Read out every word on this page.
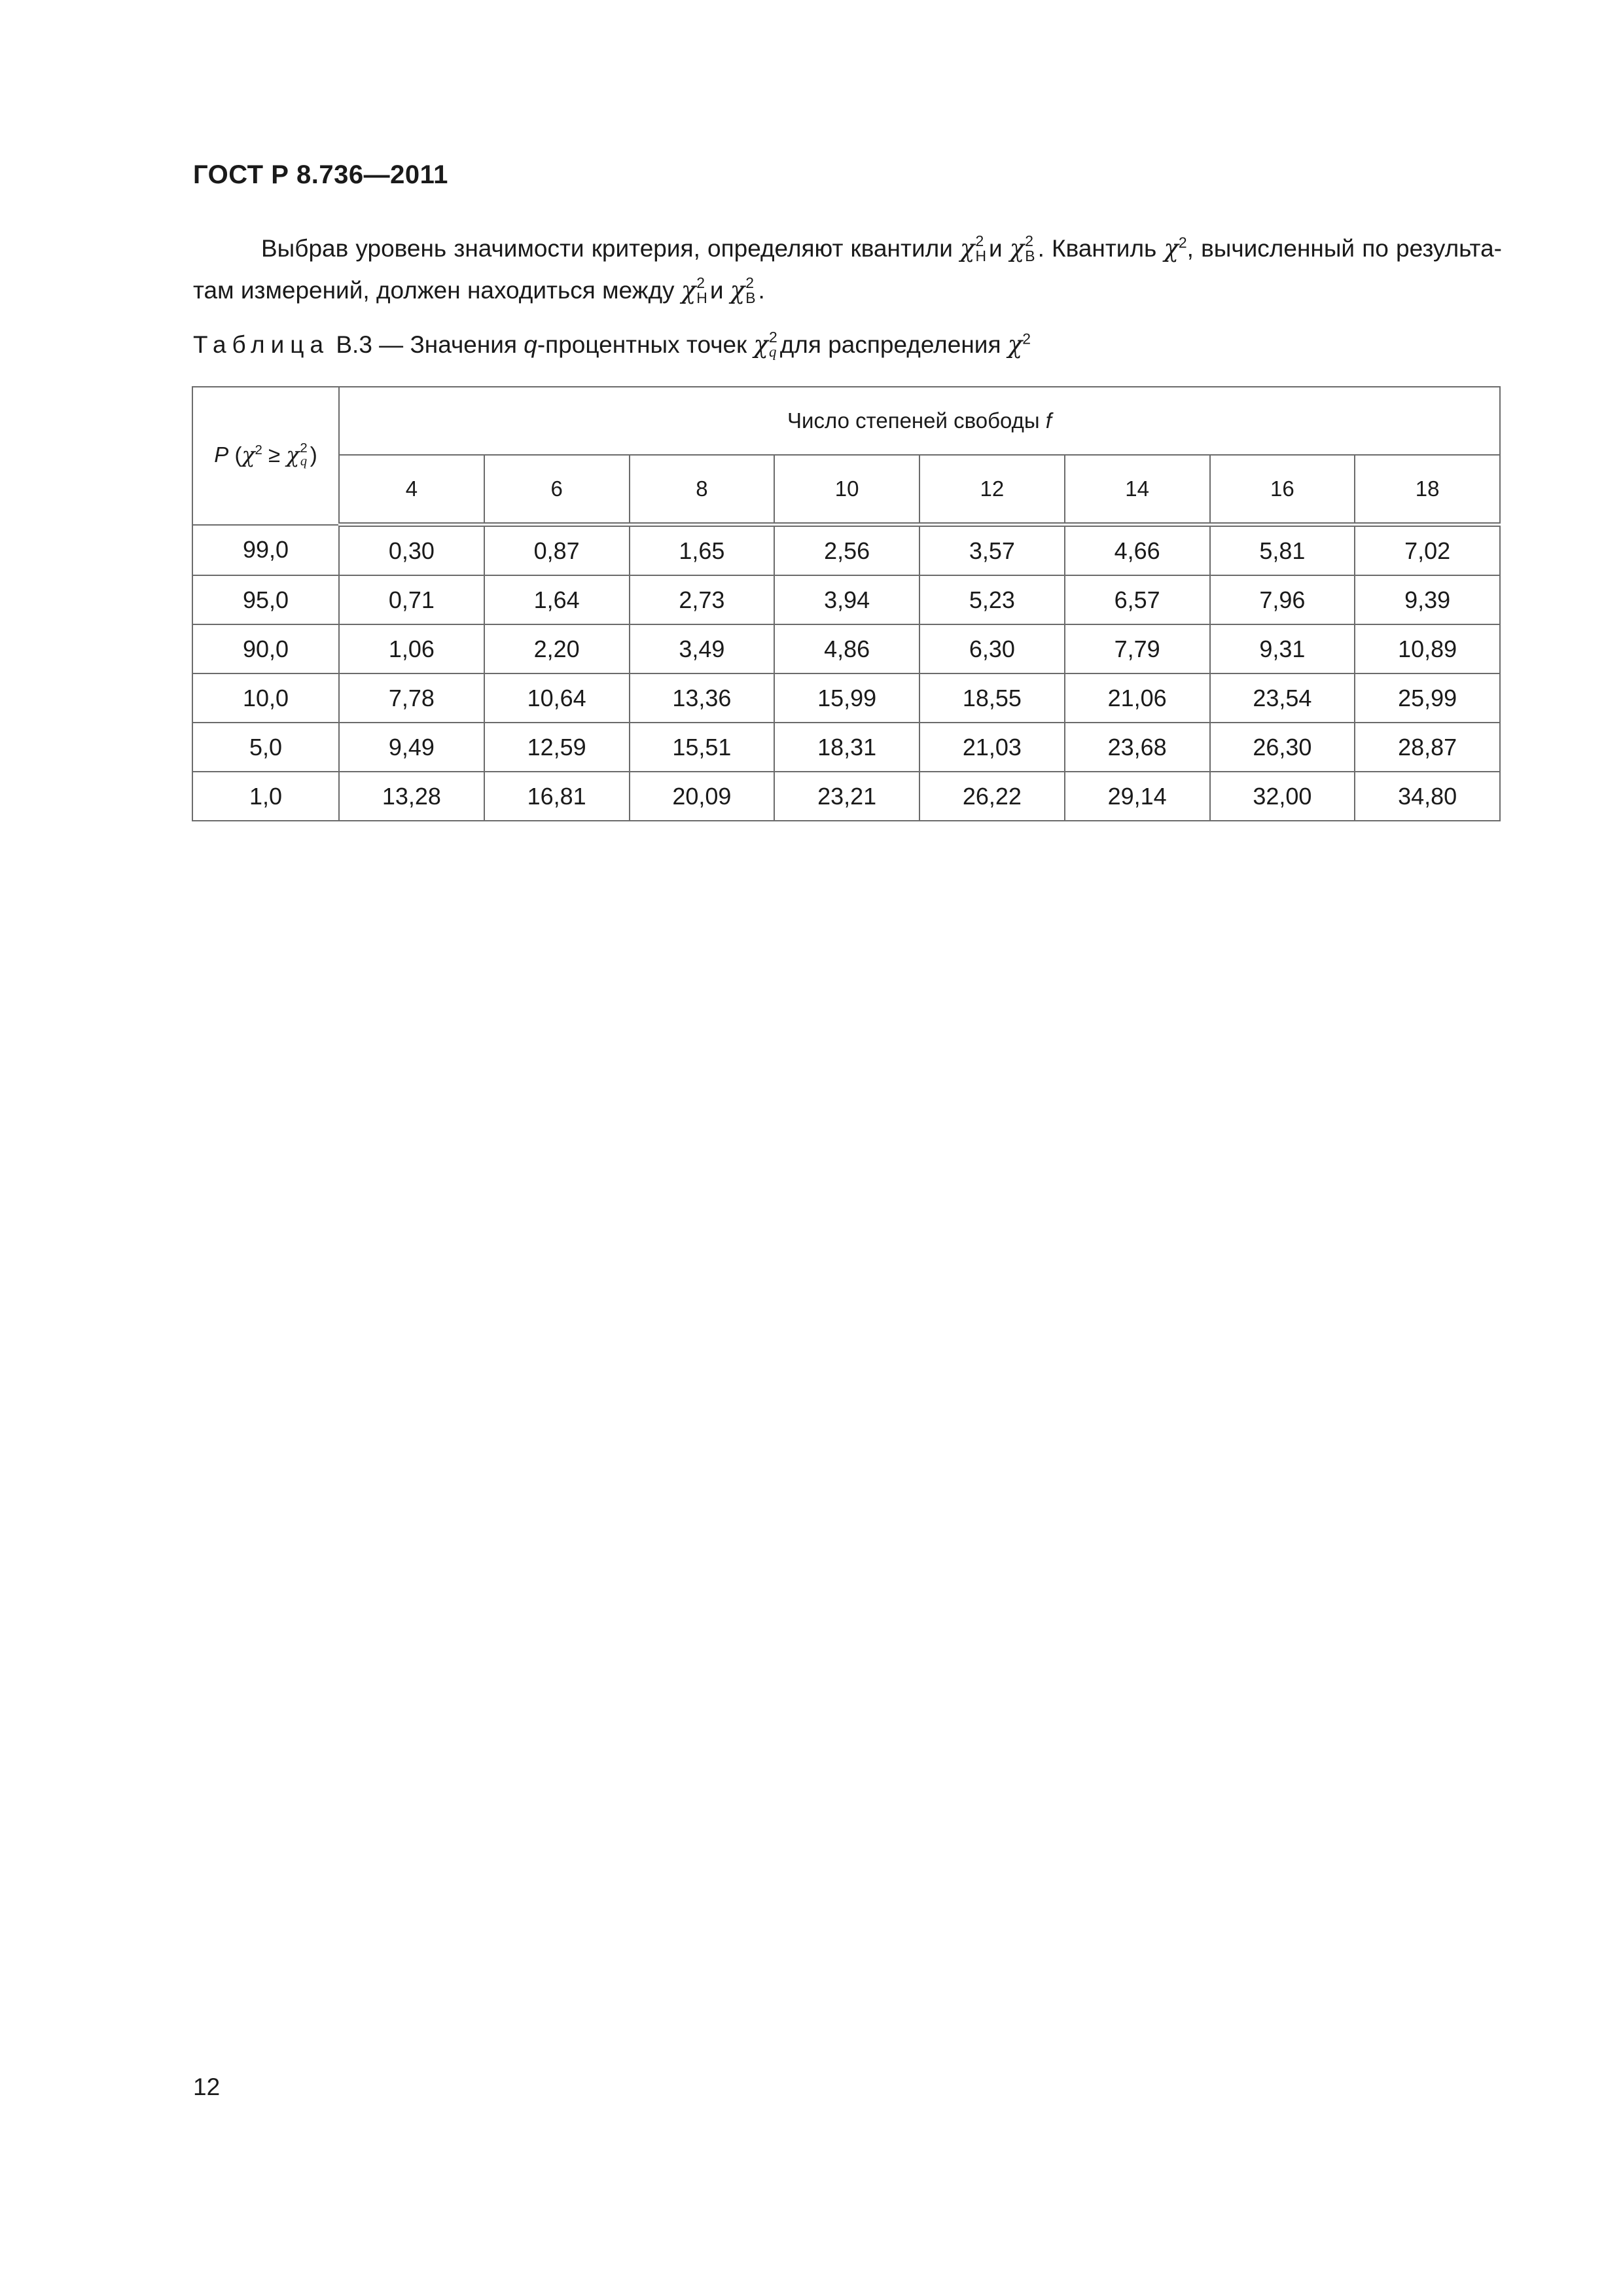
ГОСТ Р 8.736—2011
Выбрав уровень значимости критерия, определяют квантили χ 2
Н и χ 2
В . Квантиль $\chi^2$, вычисленный по результа-
там измерений, должен находиться между χ 2
Н и χ 2
В .
Таблица В.3 — Значения q-процентных точек χ 2
q для распределения $\chi^2$
P ($\chi^2 \ge \chi$ 2
q )	Число степеней свободы f							
	4	6	8	10	12	14	16	18
99,0	0,30	0,87	1,65	2,56	3,57	4,66	5,81	7,02
95,0	0,71	1,64	2,73	3,94	5,23	6,57	7,96	9,39
90,0	1,06	2,20	3,49	4,86	6,30	7,79	9,31	10,89
10,0	7,78	10,64	13,36	15,99	18,55	21,06	23,54	25,99
5,0	9,49	12,59	15,51	18,31	21,03	23,68	26,30	28,87
1,0	13,28	16,81	20,09	23,21	26,22	29,14	32,00	34,80
12
